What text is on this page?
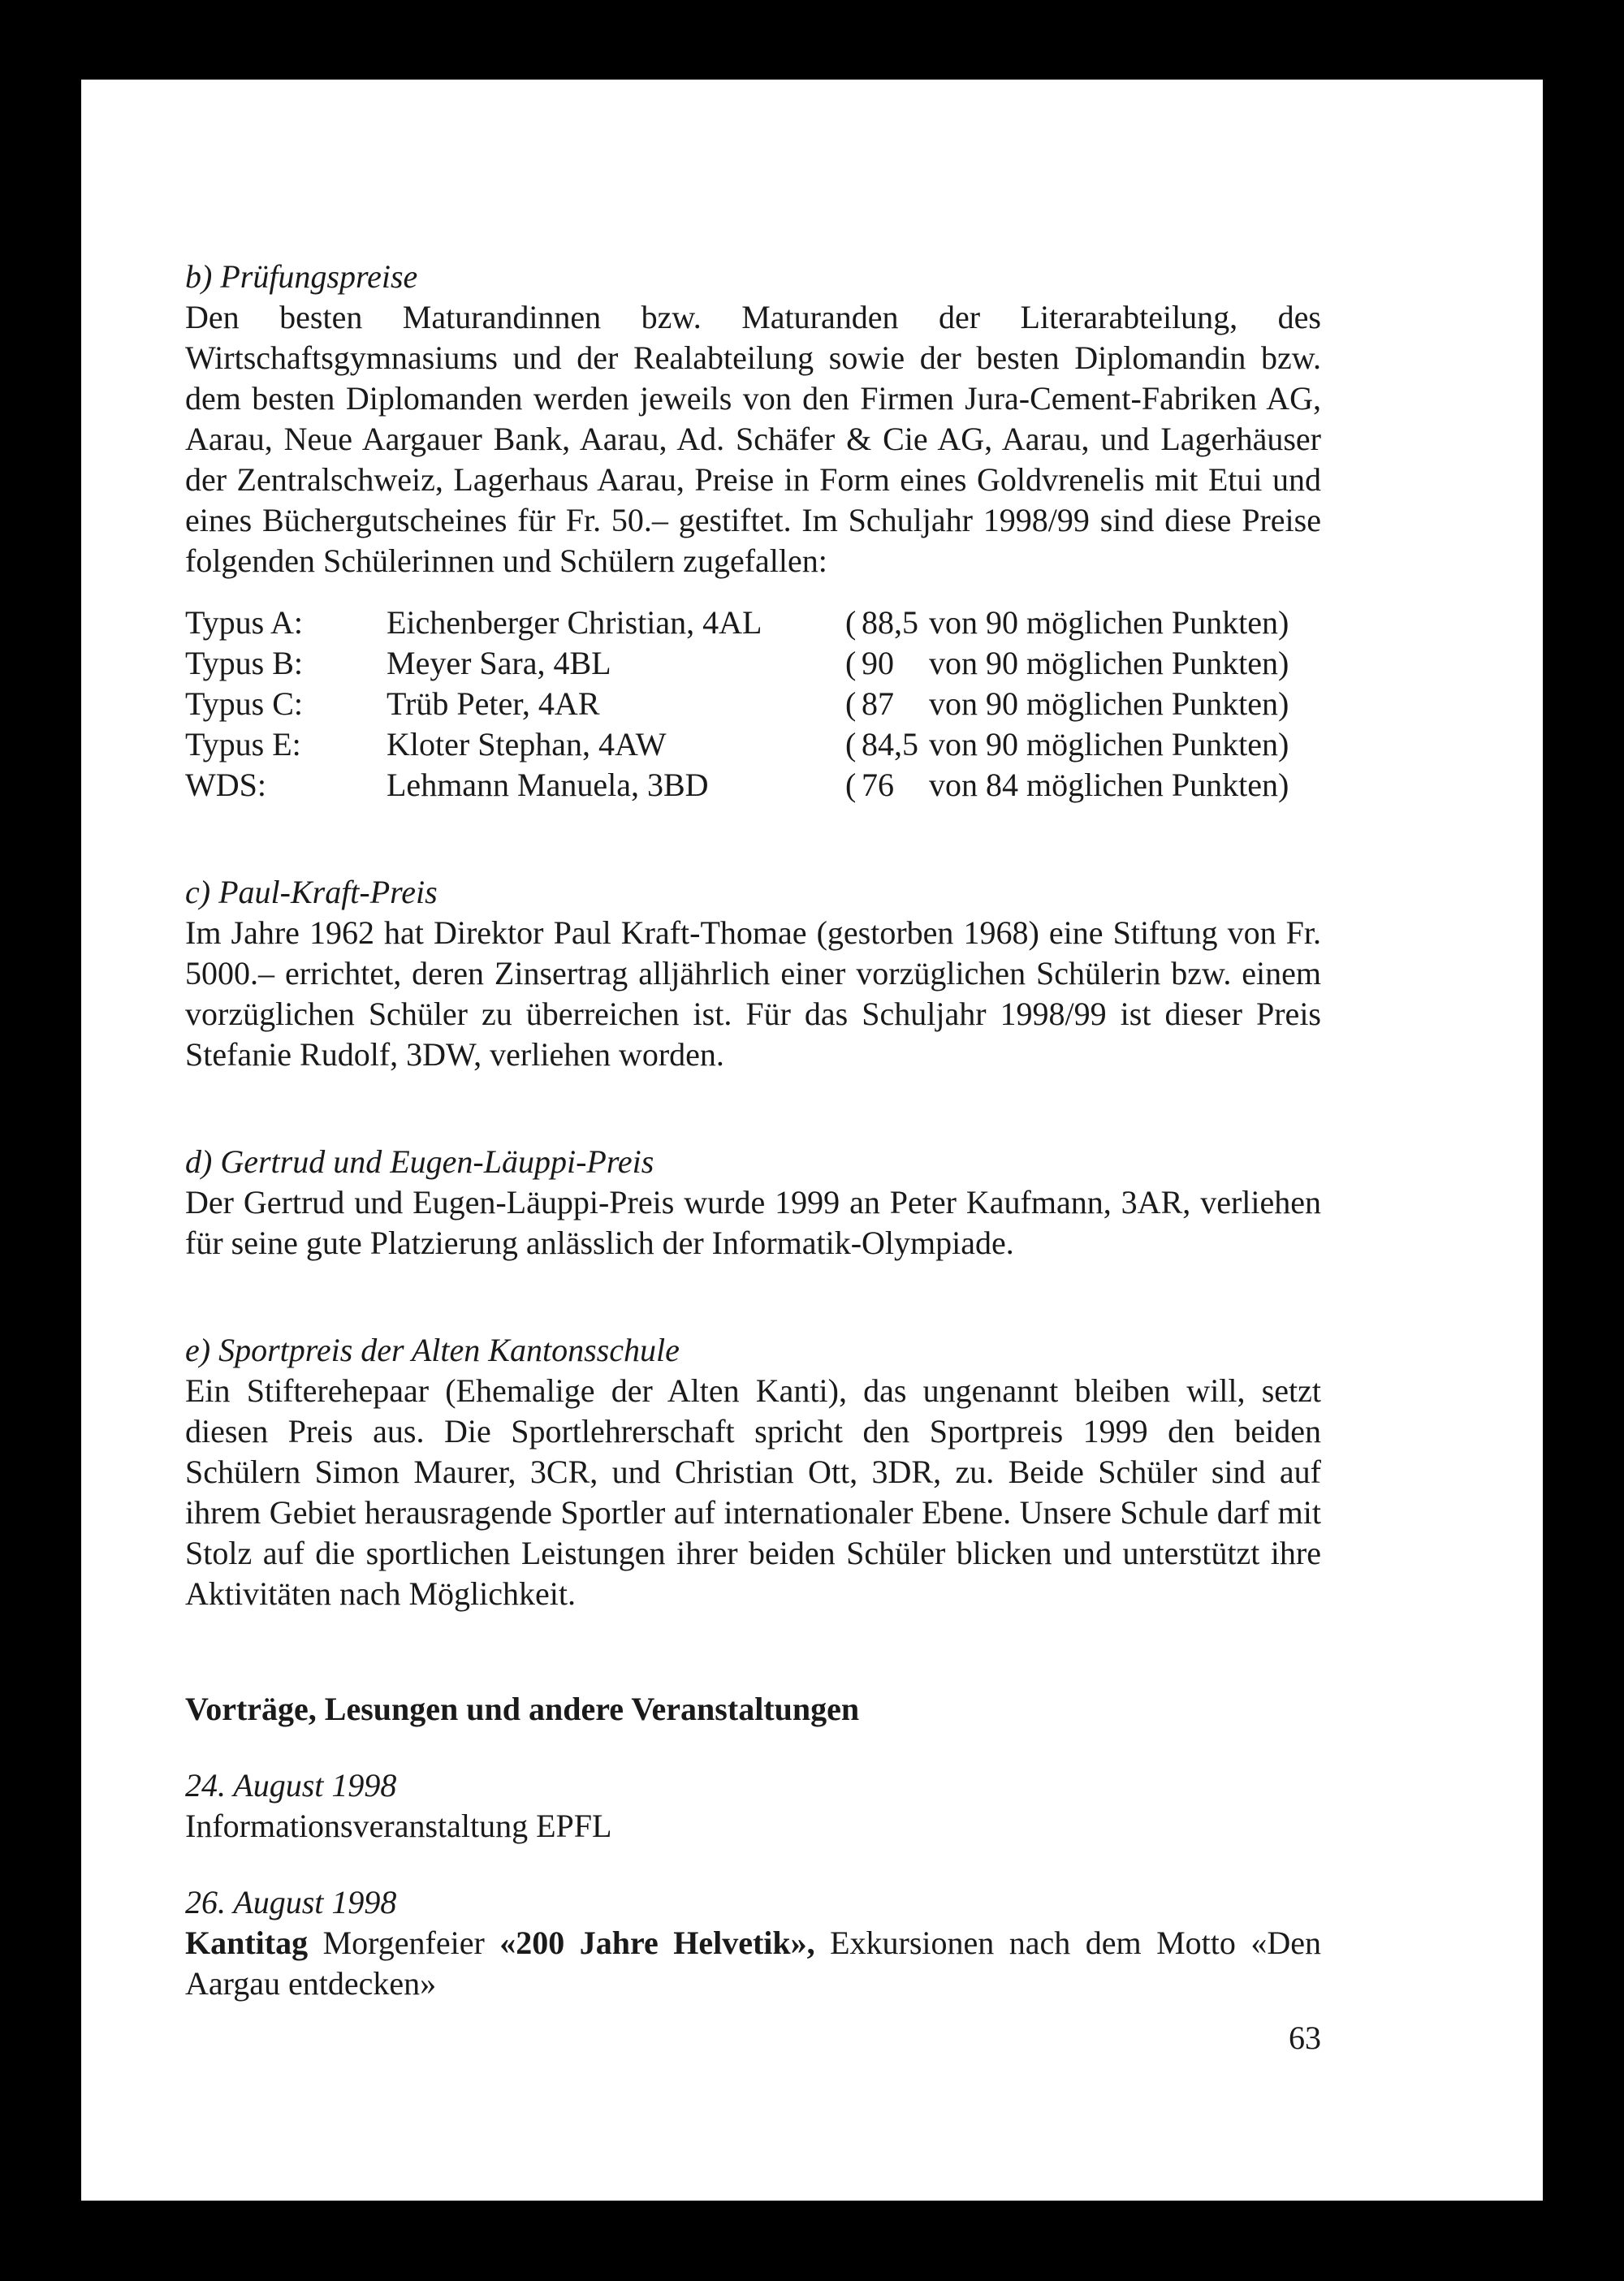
b) Prüfungspreise

Den besten Maturandinnen bzw. Maturanden der Literarabteilung, des Wirtschaftsgymnasiums und der Realabteilung sowie der besten Diplomandin bzw. dem besten Diplomanden werden jeweils von den Firmen Jura-Cement-Fabriken AG, Aarau, Neue Aargauer Bank, Aarau, Ad. Schäfer & Cie AG, Aarau, und Lagerhäuser der Zentralschweiz, Lagerhaus Aarau, Preise in Form eines Goldvrenelis mit Etui und eines Büchergutscheines für Fr. 50.– gestiftet. Im Schuljahr 1998/99 sind diese Preise folgenden Schülerinnen und Schülern zugefallen:

Typus A:	Eichenberger Christian, 4AL	(	88,5	von 90 möglichen Punkten)
Typus B:	Meyer Sara, 4BL	(	90	von 90 möglichen Punkten)
Typus C:	Trüb Peter, 4AR	(	87	von 90 möglichen Punkten)
Typus E:	Kloter Stephan, 4AW	(	84,5	von 90 möglichen Punkten)
WDS:	Lehmann Manuela, 3BD	(	76	von 84 möglichen Punkten)

c) Paul-Kraft-Preis

Im Jahre 1962 hat Direktor Paul Kraft-Thomae (gestorben 1968) eine Stiftung von Fr. 5000.– errichtet, deren Zinsertrag alljährlich einer vorzüglichen Schülerin bzw. einem vorzüglichen Schüler zu überreichen ist. Für das Schuljahr 1998/99 ist dieser Preis Stefanie Rudolf, 3DW, verliehen worden.

d) Gertrud und Eugen-Läuppi-Preis

Der Gertrud und Eugen-Läuppi-Preis wurde 1999 an Peter Kaufmann, 3AR, verliehen für seine gute Platzierung anlässlich der Informatik-Olympiade.

e) Sportpreis der Alten Kantonsschule

Ein Stifterehepaar (Ehemalige der Alten Kanti), das ungenannt bleiben will, setzt diesen Preis aus. Die Sportlehrerschaft spricht den Sportpreis 1999 den beiden Schülern Simon Maurer, 3CR, und Christian Ott, 3DR, zu. Beide Schüler sind auf ihrem Gebiet herausragende Sportler auf internationaler Ebene. Unsere Schule darf mit Stolz auf die sportlichen Leistungen ihrer beiden Schüler blicken und unterstützt ihre Aktivitäten nach Möglichkeit.

Vorträge, Lesungen und andere Veranstaltungen

24. August 1998

Informationsveranstaltung EPFL

26. August 1998

Kantitag Morgenfeier «200 Jahre Helvetik», Exkursionen nach dem Motto «Den Aargau entdecken»

63
